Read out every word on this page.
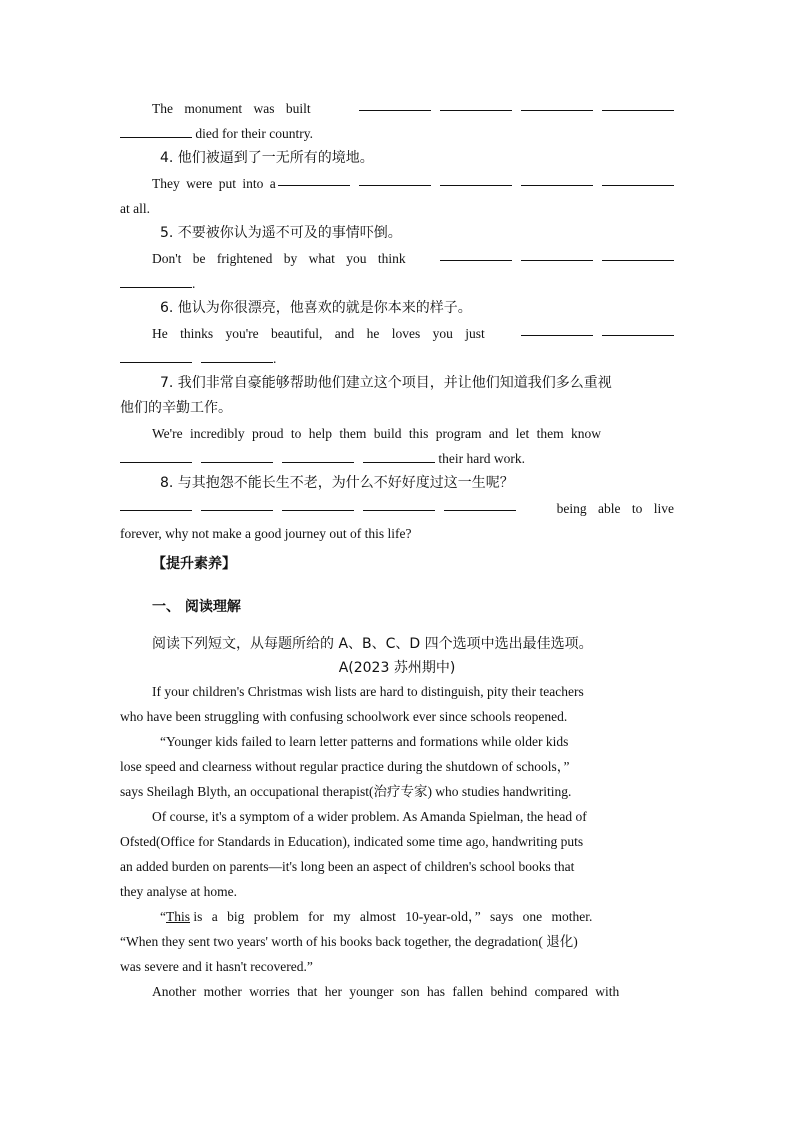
The monument was built
died for their country.
4. 他们被逼到了一无所有的境地。
They were put into a
at all.
5. 不要被你认为遥不可及的事情吓倒。
Don't be frightened by what you think
.
6. 他认为你很漂亮，他喜欢的就是你本来的样子。
He thinks you're beautiful, and he loves you just
.
7. 我们非常自豪能够帮助他们建立这个项目，并让他们知道我们多么重视
他们的辛勤工作。
We're incredibly proud to help them build this program and let them know
their hard work.
8. 与其抱怨不能长生不老，为什么不好好度过这一生呢？
being able to live
forever, why not make a good journey out of this life?
【提升素养】
一、 阅读理解
阅读下列短文，从每题所给的 A、B、C、D 四个选项中选出最佳选项。
A(2023 苏州期中)
If your children's Christmas wish lists are hard to distinguish, pity their teachers
who have been struggling with confusing schoolwork ever since schools reopened.
“Younger kids failed to learn letter patterns and formations while older kids
lose speed and clearness without regular practice during the shutdown of schools，”
says Sheilagh Blyth, an occupational therapist(治疗专家) who studies handwriting.
Of course, it's a symptom of a wider problem. As Amanda Spielman, the head of
Ofsted(Office for Standards in Education), indicated some time ago, handwriting puts
an added burden on parents—it's long been an aspect of children's school books that
they analyse at home.
“This is a big problem for my almost 10-year-old，” says one mother.
“When they sent two years' worth of his books back together, the degradation( 退化)
was severe and it hasn't recovered.”
Another mother worries that her younger son has fallen behind compared with
